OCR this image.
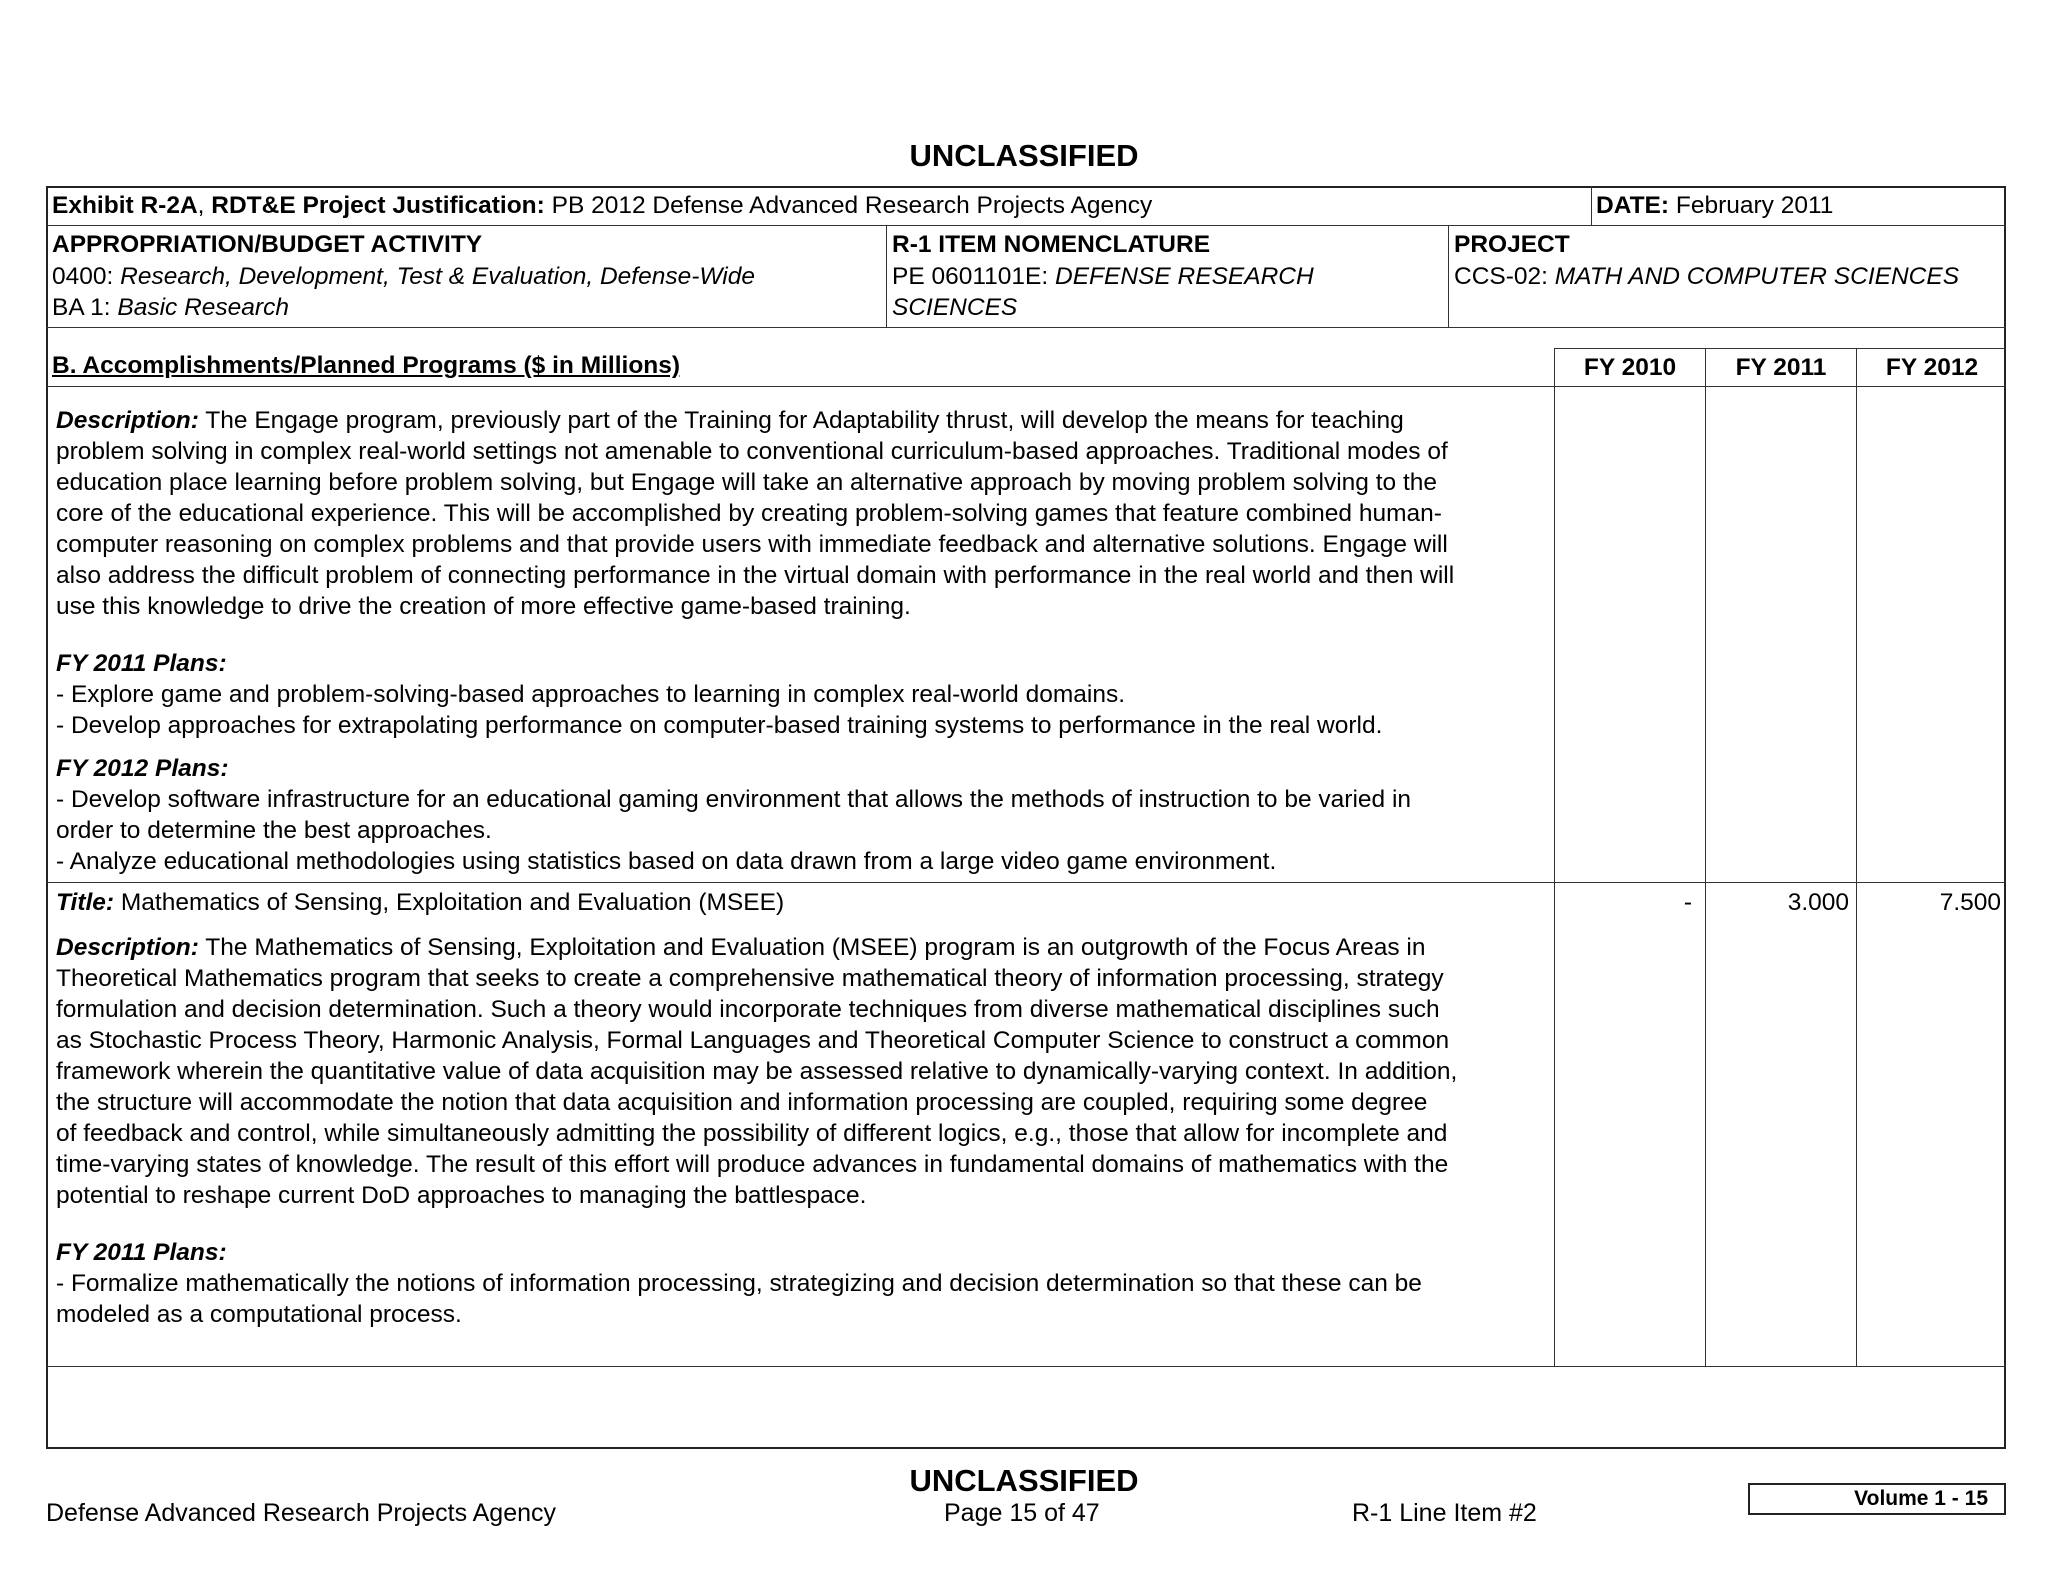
UNCLASSIFIED
Exhibit R-2A, RDT&E Project Justification: PB 2012 Defense Advanced Research Projects Agency	DATE: February 2011
APPROPRIATION/BUDGET ACTIVITY
0400: Research, Development, Test & Evaluation, Defense-Wide
BA 1: Basic Research
R-1 ITEM NOMENCLATURE
PE 0601101E: DEFENSE RESEARCH
SCIENCES
PROJECT
CCS-02: MATH AND COMPUTER SCIENCES
B. Accomplishments/Planned Programs ($ in Millions)	FY 2010	FY 2011	FY 2012
Description: The Engage program, previously part of the Training for Adaptability thrust, will develop the means for teaching
problem solving in complex real-world settings not amenable to conventional curriculum-based approaches. Traditional modes of
education place learning before problem solving, but Engage will take an alternative approach by moving problem solving to the
core of the educational experience. This will be accomplished by creating problem-solving games that feature combined human-
computer reasoning on complex problems and that provide users with immediate feedback and alternative solutions. Engage will
also address the difficult problem of connecting performance in the virtual domain with performance in the real world and then will
use this knowledge to drive the creation of more effective game-based training.
FY 2011 Plans:
- Explore game and problem-solving-based approaches to learning in complex real-world domains.
- Develop approaches for extrapolating performance on computer-based training systems to performance in the real world.
FY 2012 Plans:
- Develop software infrastructure for an educational gaming environment that allows the methods of instruction to be varied in
order to determine the best approaches.
- Analyze educational methodologies using statistics based on data drawn from a large video game environment.
Title: Mathematics of Sensing, Exploitation and Evaluation (MSEE)	-	3.000	7.500
Description: The Mathematics of Sensing, Exploitation and Evaluation (MSEE) program is an outgrowth of the Focus Areas in
Theoretical Mathematics program that seeks to create a comprehensive mathematical theory of information processing, strategy
formulation and decision determination. Such a theory would incorporate techniques from diverse mathematical disciplines such
as Stochastic Process Theory, Harmonic Analysis, Formal Languages and Theoretical Computer Science to construct a common
framework wherein the quantitative value of data acquisition may be assessed relative to dynamically-varying context. In addition,
the structure will accommodate the notion that data acquisition and information processing are coupled, requiring some degree
of feedback and control, while simultaneously admitting the possibility of different logics, e.g., those that allow for incomplete and
time-varying states of knowledge. The result of this effort will produce advances in fundamental domains of mathematics with the
potential to reshape current DoD approaches to managing the battlespace.
FY 2011 Plans:
- Formalize mathematically the notions of information processing, strategizing and decision determination so that these can be
modeled as a computational process.
UNCLASSIFIED
Defense Advanced Research Projects Agency	Page 15 of 47	R-1 Line Item #2
Volume 1 - 15
